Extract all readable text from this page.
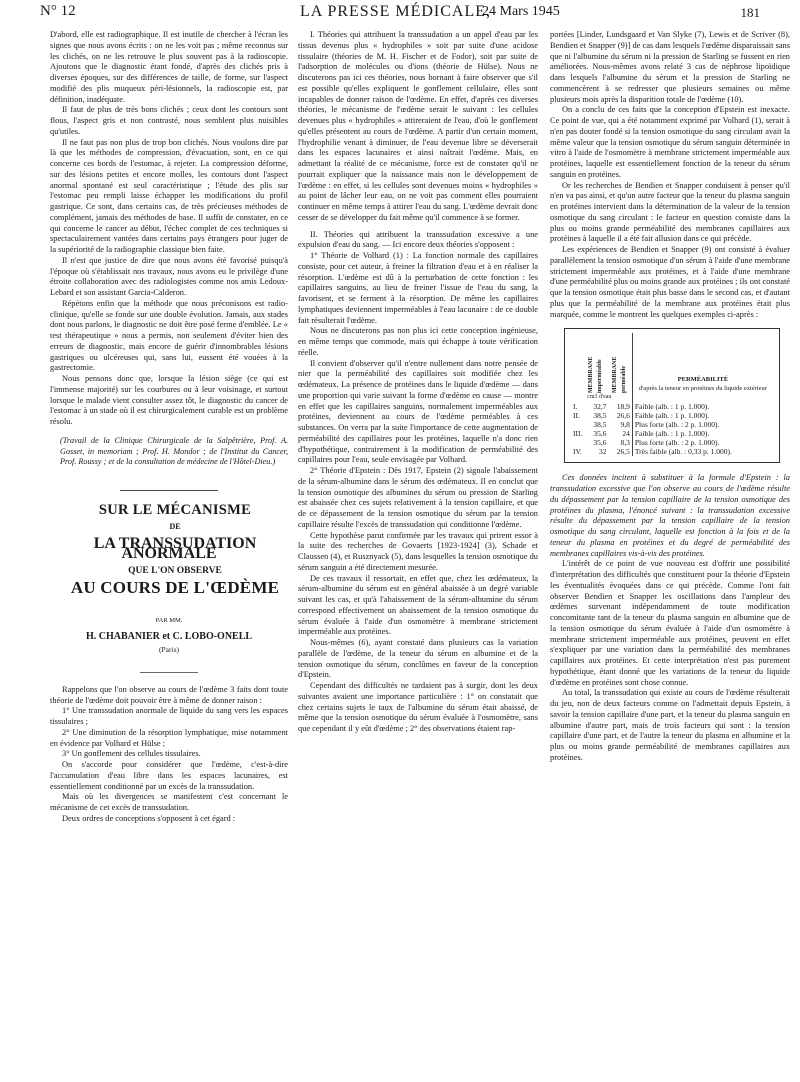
N° 12	LA PRESSE MÉDICALE,
24 Mars 1945	181

D'abord, elle est radiographique. Il est inutile de chercher à l'écran les signes que nous avons écrits : on ne les voit pas ; même reconnus sur les clichés, on ne les retrouve le plus souvent pas à la radioscopie. Ajoutons que le diagnostic étant fondé, d'après des clichés pris à diverses époques, sur des différences de taille, de forme, sur l'aspect modifié des plis muqueux péri-lésionnels, la radioscopie est, par définition, inadéquate.

Il faut de plus de très bons clichés ; ceux dont les contours sont flous, l'aspect gris et non contrasté, nous semblent plus nuisibles qu'utiles.

Il ne faut pas non plus de trop bon clichés. Nous voulons dire par là que les méthodes de compression, d'évacuation, sont, en ce qui concerne ces bords de l'estomac, à rejeter. La compression déforme, sur des lésions petites et encore molles, les contours dont l'aspect anormal spontané est seul caractéristique ; l'étude des plis sur l'estomac peu rempli laisse échapper les modifications du profil gastrique. Ce sont, dans certains cas, de très précieuses méthodes de complément, jamais des méthodes de base. Il suffit de constater, en ce qui concerne le cancer au début, l'échec complet de ces techniques si spectaculairement vantées dans certains pays étrangers pour juger de la supériorité de la radiographie classique bien faite.

Il n'est que justice de dire que nous avons été favorisé puisqu'à l'époque où s'établissait nos travaux, nous avons eu le privilège d'une étroite collaboration avec des radiologistes comme nos amis Ledoux-Lebard et son assistant Garcia-Calderon.

Répétons enfin que la méthode que nous préconisons est radio-clinique, qu'elle se fonde sur une double évolution. Jamais, aux stades dont nous parlons, le diagnostic ne doit être posé ferme d'emblée. Le « test thérapeutique » nous a permis, non seulement d'éviter bien des erreurs de diagnostic, mais encore de guérir d'innombrables lésions gastriques ou ulcéreuses qui, sans lui, eussent été vouées à la gastrectomie.

Nous pensons donc que, lorsque la lésion siège (ce qui est l'immense majorité) sur les courbures ou à leur voisinage, et surtout lorsque le malade vient consulter assez tôt, le diagnostic du cancer de l'estomac à un stade où il est chirurgicalement curable est un problème résolu.

(Travail de la Clinique Chirurgicale de la Salpêtrière, Prof. A. Gosset, in memoriam ; Prof. H. Mondor ; de l'Institut du Cancer, Prof. Roussy ; et de la consultation de médecine de l'Hôtel-Dieu.)

SUR LE MÉCANISME

DE

LA TRANSSUDATION ANORMALE

QUE L'ON OBSERVE

AU COURS DE L'ŒDÈME

PAR MM.
H. CHABANIER et C. LOBO-ONELL
(Paris)

Rappelons que l'on observe au cours de l'œdème 3 faits dont toute théorie de l'œdème doit pouvoir être à même de donner raison :

1° Une transsudation anormale de liquide du sang vers les espaces tissulaires ;

2° Une diminution de la résorption lymphatique, mise notamment en évidence par Volhard et Hülse ;

3° Un gonflement des cellules tissulaires.

On s'accorde pour considérer que l'œdème, c'est-à-dire l'accumulation d'eau libre dans les espaces lacunaires, est essentiellement conditionné par un excès de la transsudation.

Mais où les divergences se manifestent c'est concernant le mécanisme de cet excès de transsudation.

Deux ordres de conceptions s'opposent à cet égard :

I. Théories qui attribuent la transsudation a un appel d'eau par les tissus devenus plus « hydrophiles » soit par suite d'une acidose tissulaire (théories de M. H. Fischer et de Fodor), soit par suite de l'adsorption de molécules ou d'ions (théorie de Hülse). Nous ne discuterons pas ici ces théories, nous bornant à faire observer que s'il est possible qu'elles expliquent le gonflement cellulaire, elles sont incapables de donner raison de l'œdème. En effet, d'après ces diverses théories, le mécanisme de l'œdème serait le suivant : les cellules devenues plus « hydrophiles » attireraient de l'eau, d'où le gonflement qu'elles présentent au cours de l'œdème. A partir d'un certain moment, l'hydrophilie venant à diminuer, de l'eau devenue libre se déverserait dans les espaces lacunaires et ainsi naîtrait l'œdème. Mais, en admettant la réalité de ce mécanisme, force est de constater qu'il ne pourrait expliquer que la naissance mais non le développement de l'œdème : en effet, si les cellules sont devenues moins « hydrophiles » au point de lâcher leur eau, on ne voit pas comment elles pourraient continuer en même temps à attirer l'eau du sang. L'œdème devrait donc cesser de se développer du fait même qu'il commence à se former.

II. Théories qui attribuent la transsudation excessive a une expulsion d'eau du sang. — Ici encore deux théories s'opposent :

1° Théorie de Volhard (1) : La fonction normale des capillaires consiste, pour cet auteur, à freiner la filtration d'eau et à en réaliser la résorption. L'œdème est dû à la perturbation de cette fonction : les capillaires sanguins, au lieu de freiner l'issue de l'eau du sang, la favorisent, et se ferment à la résorption. De même les capillaires lymphatiques deviennent imperméables à l'eau lacunaire : de ce double fait résulterait l'œdème.

Nous ne discuterons pas non plus ici cette conception ingénieuse, en même temps que commode, mais qui échappe à toute vérification réelle.

Il convient d'observer qu'il n'entre nullement dans notre pensée de nier que la perméabilité des capillaires soit modifiée chez les œdémateux. La présence de protéines dans le liquide d'œdème — dans une proportion qui varie suivant la forme d'œdème en cause — montre en effet que les capillaires sanguins, normalement imperméables aux protéines, deviennent au cours de l'œdème perméables à ces substances. On verra par la suite l'importance de cette augmentation de perméabilité des capillaires pour les protéines, laquelle n'a donc rien d'hypothétique, contrairement à la modification de perméabilité des capillaires pour l'eau, seule envisagée par Volhard.

2° Théorie d'Epstein : Dès 1917, Epstein (2) signale l'abaissement de la sérum-albumine dans le sérum des œdémateux. Il en conclut que la tension osmotique des albumines du sérum ou pression de Starling est abaissée chez ces sujets relativement à la tension capillaire, et que de ce dépassement de la tension osmotique du sérum par la tension capillaire résulte l'excès de transsudation qui conditionne l'œdème.

Cette hypothèse parut confirmée par les travaux qui prirent essor à la suite des recherches de Govaerts [1923-1924] (3), Schade et Claussen (4), et Rusznyack (5), dans lesquelles la tension osmotique du sérum sanguin a été directement mesurée.

De ces travaux il ressortait, en effet que, chez les œdémateux, la sérum-albumine du sérum est en général abaissée à un degré variable suivant les cas, et qu'à l'abaissement de la sérum-albumine du sérum correspond effectivement un abaissement de la tension osmotique du sérum évaluée à l'aide d'un osmomètre à membrane strictement imperméable aux protéines.

Nous-mêmes (6), ayant constaté dans plusieurs cas la variation parallèle de l'œdème, de la teneur du sérum en albumine et de la tension osmotique du sérum, conclûmes en faveur de la conception d'Epstein.

Cependant des difficultés ne tardaient pas à surgir, dont les deux suivantes avaient une importance particulière : 1° on constatait que chez certains sujets le taux de l'albumine du sérum était abaissé, de même que la tension osmotique du sérum évaluée à l'osmomètre, sans que cependant il y eût d'œdème ; 2° des observations étaient rap-

portées [Linder, Lundsgaard et Van Slyke (7), Lewis et de Scriver (8), Bendien et Snapper (9)] de cas dans lesquels l'œdème disparaissait sans que ni l'albumine du sérum ni la pression de Starling se fussent en rien améliorées. Nous-mêmes avons relaté 3 cas de néphrose lipoïdique dans lesquels l'albumine du sérum et la pression de Starling ne commencèrent à se redresser que plusieurs semaines ou même plusieurs mois après la disparition totale de l'œdème (10).

On a conclu de ces faits que la conception d'Epstein est inexacte. Ce point de vue, qui a été notamment exprimé par Volhard (1), serait à n'en pas douter fondé si la tension osmotique du sang circulant avait la même valeur que la tension osmotique du sérum sanguin déterminée in vitro à l'aide de l'osmomètre à membrane strictement imperméable aux protéines, laquelle est essentiellement fonction de la teneur du sérum sanguin en protéines.

Or les recherches de Bendien et Snapper conduisent à penser qu'il n'en va pas ainsi, et qu'un autre facteur que la teneur du plasma sanguin en protéines intervient dans la détermination de la valeur de la tension osmotique du sang circulant : le facteur en question consiste dans la plus ou moins grande perméabilité des membranes capillaires aux protéines à laquelle il a été fait allusion dans ce qui précède.

Les expériences de Bendien et Snapper (9) ont consisté à évaluer parallèlement la tension osmotique d'un sérum à l'aide d'une membrane strictement imperméable aux protéines, et à l'aide d'une membrane d'une perméabilité plus ou moins grande aux protéines ; ils ont constaté que la tension osmotique était plus basse dans le second cas, et d'autant plus que la perméabilité de la membrane aux protéines était plus marquée, comme le montrent les quelques exemples ci-après :

	MEMBRANE imperméable	MEMBRANE perméable	PERMÉABILITÉ
d'après la teneur en protéines du liquide extérieur

	cm3 d'eau		
I.	32,7	18,9	Faible (alb. : 1 p. 1.000).
II.	38,5	26,6	Faible (alb. : 1 p. 1.000).
	38,5	9,8	Plus forte (alb. : 2 p. 1.000).
III.	35,6	24	Faible (alb. : 1 p. 1.000).
	35,6	8,3	Plus forte (alb. : 2 p. 1.000).
IV.	32	26,5	Très faible (alb. : 0,33 p. 1.000).

Ces données incitent à substituer à la formule d'Epstein : la transsudation excessive que l'on observe au cours de l'œdème résulte du dépassement par la tension capillaire de la tension osmotique des protéines du plasma, l'énoncé suivant : la transsudation excessive résulte du dépassement par la tension capillaire de la tension osmotique du sang circulant, laquelle est fonction à la fois et de la teneur du plasma en protéines et du degré de perméabilité des membranes capillaires vis-à-vis des protéines.

L'intérêt de ce point de vue nouveau est d'offrir une possibilité d'interprétation des difficultés que constituent pour la théorie d'Epstein les éventualités évoquées dans ce qui précède. Comme l'ont fait observer Bendien et Snapper les oscillations dans l'ampleur des œdèmes survenant indépendamment de toute modification concomitante tant de la teneur du plasma sanguin en albumine que de la tension osmotique du sérum évaluée à l'aide d'un osmomètre à membrane strictement imperméable aux protéines, peuvent en effet s'expliquer par une variation dans la perméabilité des membranes capillaires aux protéines. Et cette interprétation n'est pas purement hypothétique, étant donné que les variations de la teneur du liquide d'œdème en protéines sont chose connue.

Au total, la transsudation qui existe au cours de l'œdème résulterait du jeu, non de deux facteurs comme on l'admettait depuis Epstein, à savoir la tension capillaire d'une part, et la teneur du plasma sanguin en albumine d'autre part, mais de trois facteurs qui sont : la tension capillaire d'une part, et de l'autre la teneur du plasma en albumine et la plus ou moins grande perméabilité de membranes capillaires aux protéines.
